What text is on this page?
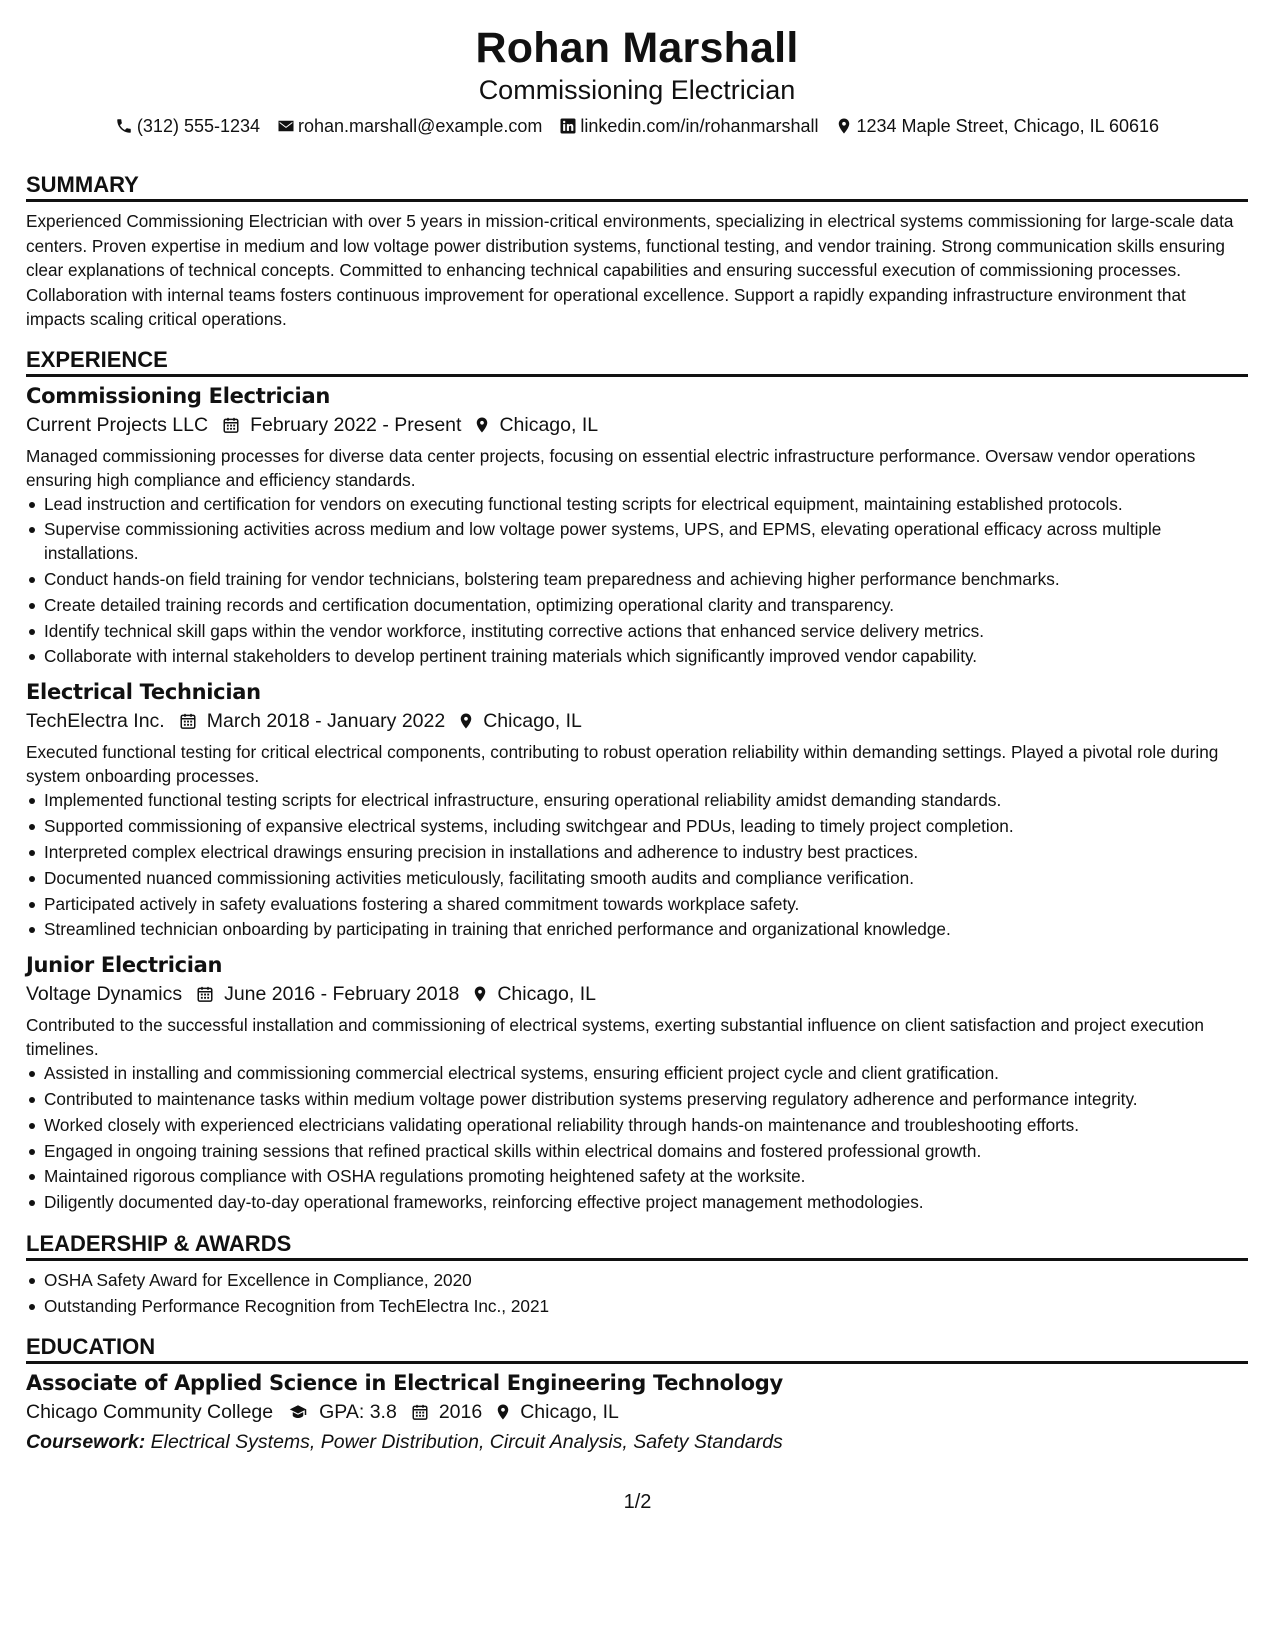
Rohan Marshall
Commissioning Electrician
(312) 555-1234 rohan.marshall@example.com linkedin.com/in/rohanmarshall 1234 Maple Street, Chicago, IL 60616
SUMMARY

Experienced Commissioning Electrician with over 5 years in mission-critical environments, specializing in electrical systems commissioning for large-scale data centers. Proven expertise in medium and low voltage power distribution systems, functional testing, and vendor training. Strong communication skills ensuring clear explanations of technical concepts. Committed to enhancing technical capabilities and ensuring successful execution of commissioning processes. Collaboration with internal teams fosters continuous improvement for operational excellence. Support a rapidly expanding infrastructure environment that impacts scaling critical operations.

EXPERIENCE
Commissioning Electrician
Current Projects LLC February 2022 - Present Chicago, IL

Managed commissioning processes for diverse data center projects, focusing on essential electric infrastructure performance. Oversaw vendor operations ensuring high compliance and efficiency standards.

Lead instruction and certification for vendors on executing functional testing scripts for electrical equipment, maintaining established protocols.
Supervise commissioning activities across medium and low voltage power systems, UPS, and EPMS, elevating operational efficacy across multiple installations.
Conduct hands-on field training for vendor technicians, bolstering team preparedness and achieving higher performance benchmarks.
Create detailed training records and certification documentation, optimizing operational clarity and transparency.
Identify technical skill gaps within the vendor workforce, instituting corrective actions that enhanced service delivery metrics.
Collaborate with internal stakeholders to develop pertinent training materials which significantly improved vendor capability.
Electrical Technician
TechElectra Inc. March 2018 - January 2022 Chicago, IL

Executed functional testing for critical electrical components, contributing to robust operation reliability within demanding settings. Played a pivotal role during system onboarding processes.

Implemented functional testing scripts for electrical infrastructure, ensuring operational reliability amidst demanding standards.
Supported commissioning of expansive electrical systems, including switchgear and PDUs, leading to timely project completion.
Interpreted complex electrical drawings ensuring precision in installations and adherence to industry best practices.
Documented nuanced commissioning activities meticulously, facilitating smooth audits and compliance verification.
Participated actively in safety evaluations fostering a shared commitment towards workplace safety.
Streamlined technician onboarding by participating in training that enriched performance and organizational knowledge.
Junior Electrician
Voltage Dynamics June 2016 - February 2018 Chicago, IL

Contributed to the successful installation and commissioning of electrical systems, exerting substantial influence on client satisfaction and project execution timelines.

Assisted in installing and commissioning commercial electrical systems, ensuring efficient project cycle and client gratification.
Contributed to maintenance tasks within medium voltage power distribution systems preserving regulatory adherence and performance integrity.
Worked closely with experienced electricians validating operational reliability through hands-on maintenance and troubleshooting efforts.
Engaged in ongoing training sessions that refined practical skills within electrical domains and fostered professional growth.
Maintained rigorous compliance with OSHA regulations promoting heightened safety at the worksite.
Diligently documented day-to-day operational frameworks, reinforcing effective project management methodologies.
LEADERSHIP & AWARDS
OSHA Safety Award for Excellence in Compliance, 2020
Outstanding Performance Recognition from TechElectra Inc., 2021
EDUCATION
Associate of Applied Science in Electrical Engineering Technology
Chicago Community College GPA: 3.8 2016 Chicago, IL
Coursework: Electrical Systems, Power Distribution, Circuit Analysis, Safety Standards
1/2
